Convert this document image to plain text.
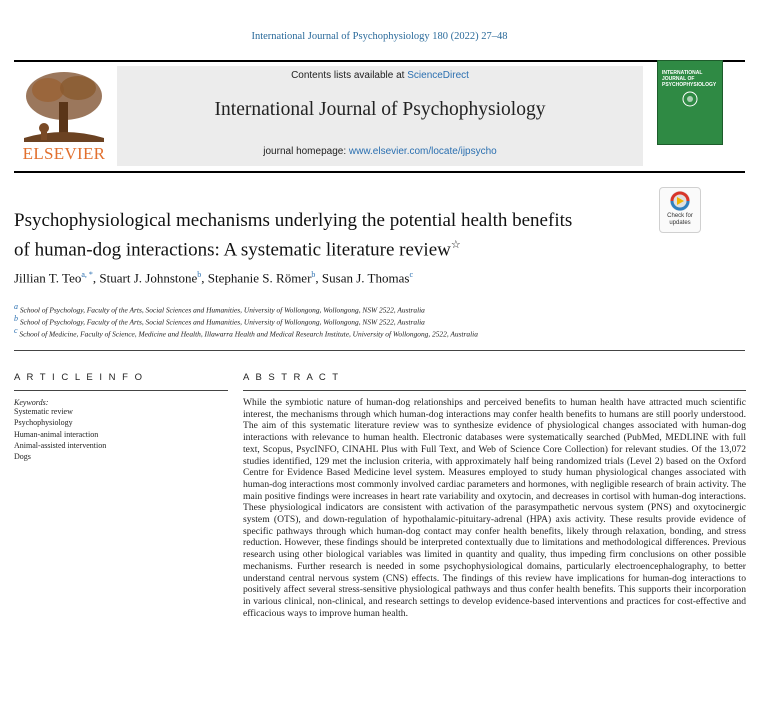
International Journal of Psychophysiology 180 (2022) 27–48
ELSEVIER
Contents lists available at ScienceDirect
International Journal of Psychophysiology
journal homepage: www.elsevier.com/locate/ijpsycho
INTERNATIONAL JOURNAL OF PSYCHOPHYSIOLOGY
Check for updates
Psychophysiological mechanisms underlying the potential health benefits
of human-dog interactions: A systematic literature review☆
Jillian T. Teo$^{a, *}$, Stuart J. Johnstone$^b$, Stephanie S. Römer$^b$, Susan J. Thomas$^c$
$^a$ School of Psychology, Faculty of the Arts, Social Sciences and Humanities, University of Wollongong, Wollongong, NSW 2522, Australia
$^b$ School of Psychology, Faculty of the Arts, Social Sciences and Humanities, University of Wollongong, Wollongong, NSW 2522, Australia
$^c$ School of Medicine, Faculty of Science, Medicine and Health, Illawarra Health and Medical Research Institute, University of Wollongong, 2522, Australia
A R T I C L E I N F O	A B S T R A C T
Keywords:
Systematic review
Psychophysiology
Human-animal interaction
Animal-assisted intervention
Dogs

While the symbiotic nature of human-dog relationships and perceived benefits to human health have attracted much scientific interest, the mechanisms through which human-dog interactions may confer health benefits to humans are still poorly understood. The aim of this systematic literature review was to synthesize evidence of physiological changes associated with human-dog interactions with relevance to human health. Electronic databases were systematically searched (PubMed, MEDLINE with full text, Scopus, PsycINFO, CINAHL Plus with Full Text, and Web of Science Core Collection) for relevant studies. Of the 13,072 studies identified, 129 met the inclusion criteria, with approximately half being randomized trials (Level 2) based on the Oxford Centre for Evidence Based Medicine level system. Measures employed to study human physiological changes associated with human-dog interactions most commonly involved cardiac parameters and hormones, with negligible research of brain activity. The main positive findings were increases in heart rate variability and oxytocin, and decreases in cortisol with human-dog interactions. These physiological indicators are consistent with activation of the parasympathetic nervous system (PNS) and oxytocinergic system (OTS), and down-regulation of hypothalamic-pituitary-adrenal (HPA) axis activity. These results provide evidence of specific pathways through which human-dog contact may confer health benefits, likely through relaxation, bonding, and stress reduction. However, these findings should be interpreted contextually due to limitations and methodological differences. Previous research using other biological variables was limited in quantity and quality, thus impeding firm conclusions on other possible mechanisms. Further research is needed in some psychophysiological domains, particularly electroencephalography, to better understand central nervous system (CNS) effects. The findings of this review have implications for human-dog interactions to positively affect several stress-sensitive physiological pathways and thus confer health benefits. This supports their incorporation in various clinical, non-clinical, and research settings to develop evidence-based interventions and practices for cost-effective and efficacious ways to improve human health.
